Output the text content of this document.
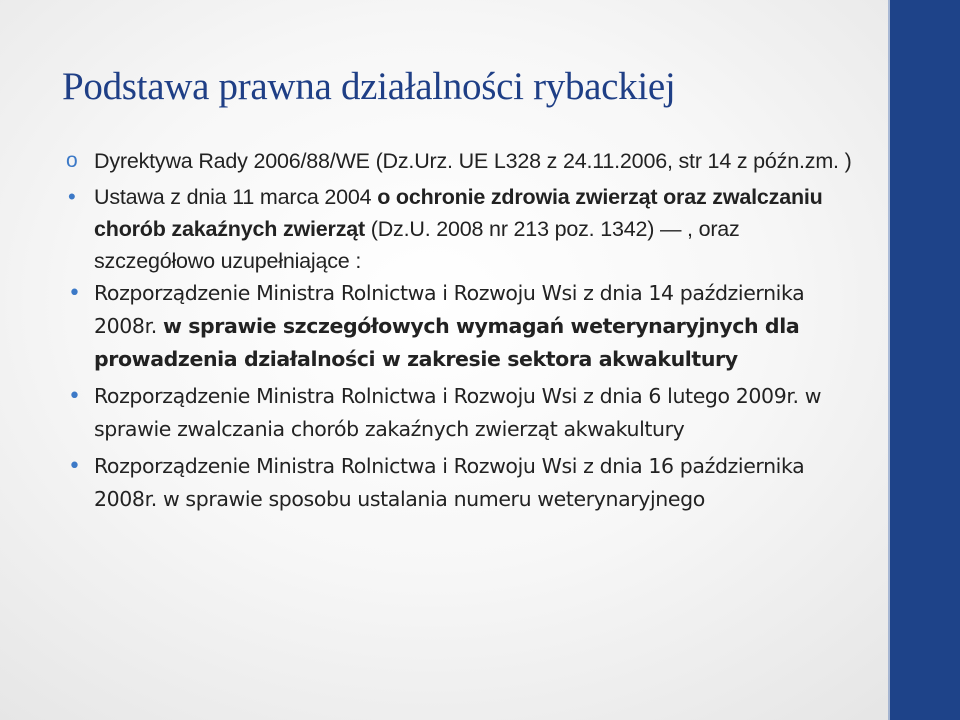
Podstawa prawna działalności rybackiej
o Dyrektywa Rady 2006/88/WE (Dz.Urz. UE L328 z 24.11.2006, str 14 z późn.zm. )
• Ustawa z dnia 11 marca 2004 o ochronie zdrowia zwierząt oraz zwalczaniu chorób zakaźnych zwierząt (Dz.U. 2008 nr 213 poz. 1342) — , oraz szczegółowo uzupełniające :
• Rozporządzenie Ministra Rolnictwa i Rozwoju Wsi z dnia 14 października 2008r. w sprawie szczegółowych wymagań weterynaryjnych dla prowadzenia działalności w zakresie sektora akwakultury
• Rozporządzenie Ministra Rolnictwa i Rozwoju Wsi z dnia 6 lutego 2009r. w sprawie zwalczania chorób zakaźnych zwierząt akwakultury
• Rozporządzenie Ministra Rolnictwa i Rozwoju Wsi z dnia 16 października 2008r. w sprawie sposobu ustalania numeru weterynaryjnego
